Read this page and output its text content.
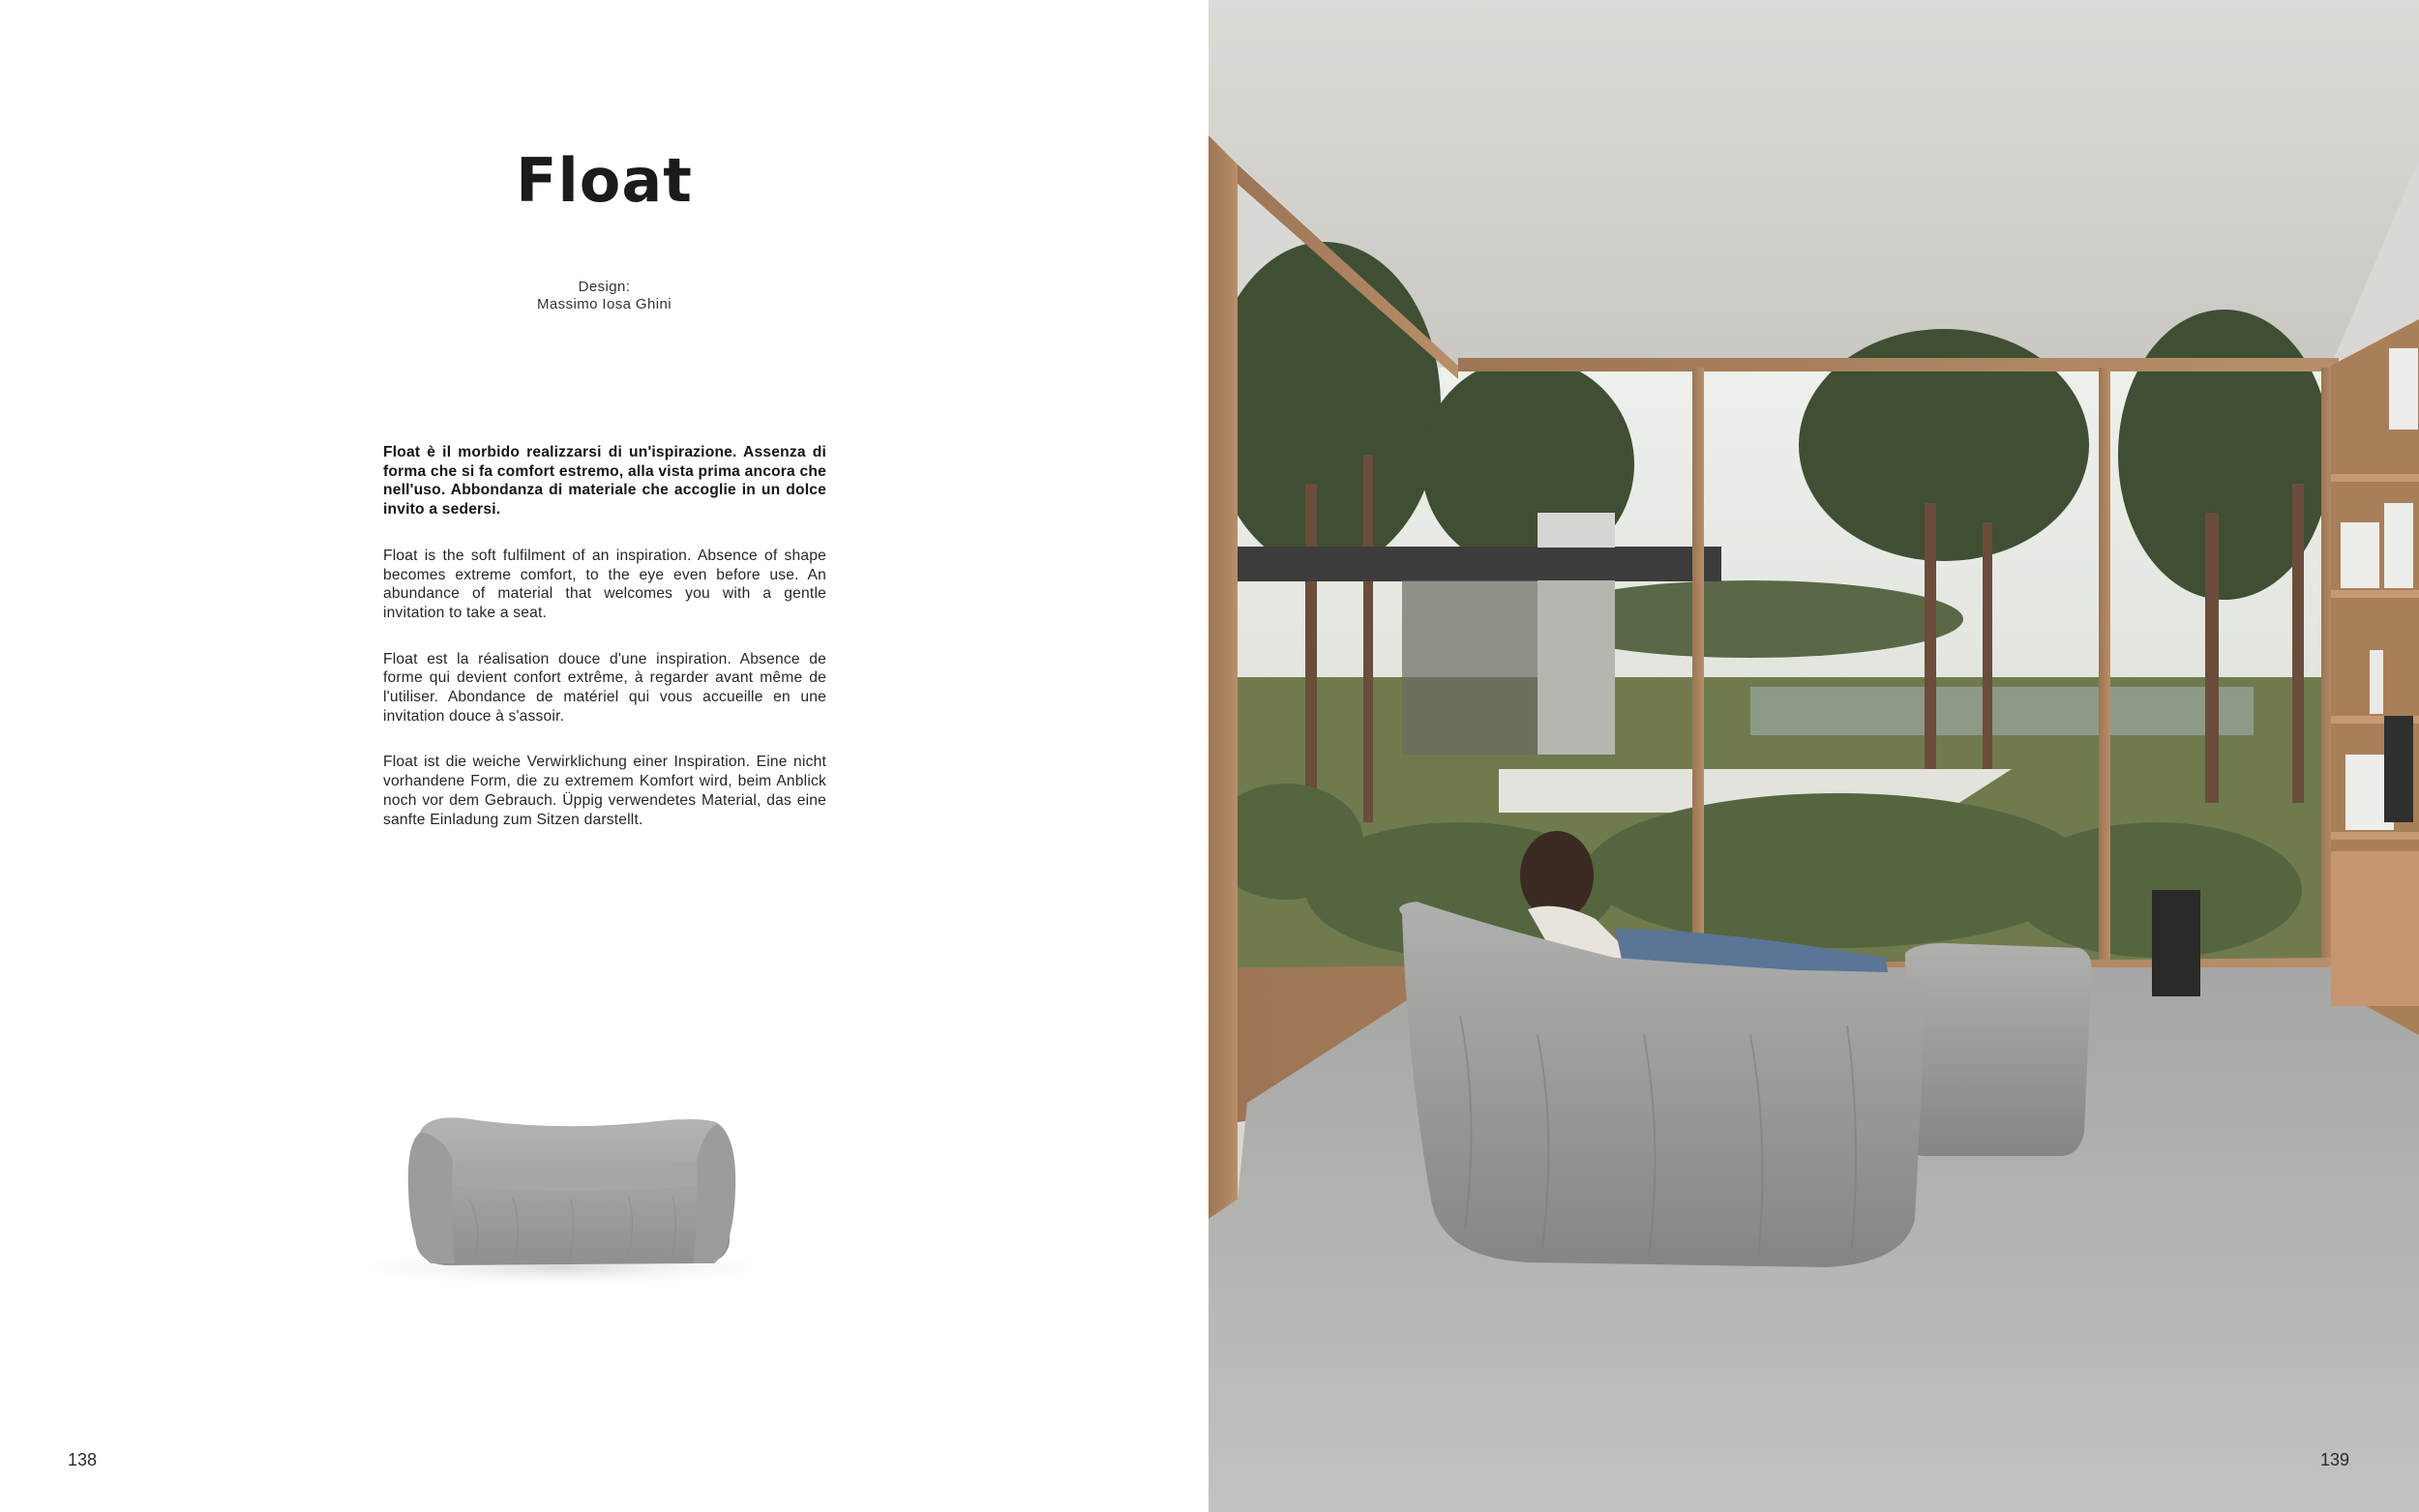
Float
Design:
Massimo Iosa Ghini

Float è il morbido realizzarsi di un'ispirazione. Assenza di forma che si fa comfort estremo, alla vista prima ancora che nell'uso. Abbondanza di materiale che accoglie in un dolce invito a sedersi.

Float is the soft fulfilment of an inspiration. Absence of shape becomes extreme comfort, to the eye even before use. An abundance of material that welcomes you with a gentle invitation to take a seat.

Float est la réalisation douce d'une inspiration. Absence de forme qui devient confort extrême, à regarder avant même de l'utiliser. Abondance de matériel qui vous accueille en une invitation douce à s'assoir.

Float ist die weiche Verwirklichung einer Inspiration. Eine nicht vorhandene Form, die zu extremem Komfort wird, beim Anblick noch vor dem Gebrauch. Üppig verwendetes Material, das eine sanfte Einladung zum Sitzen darstellt.

138	139
